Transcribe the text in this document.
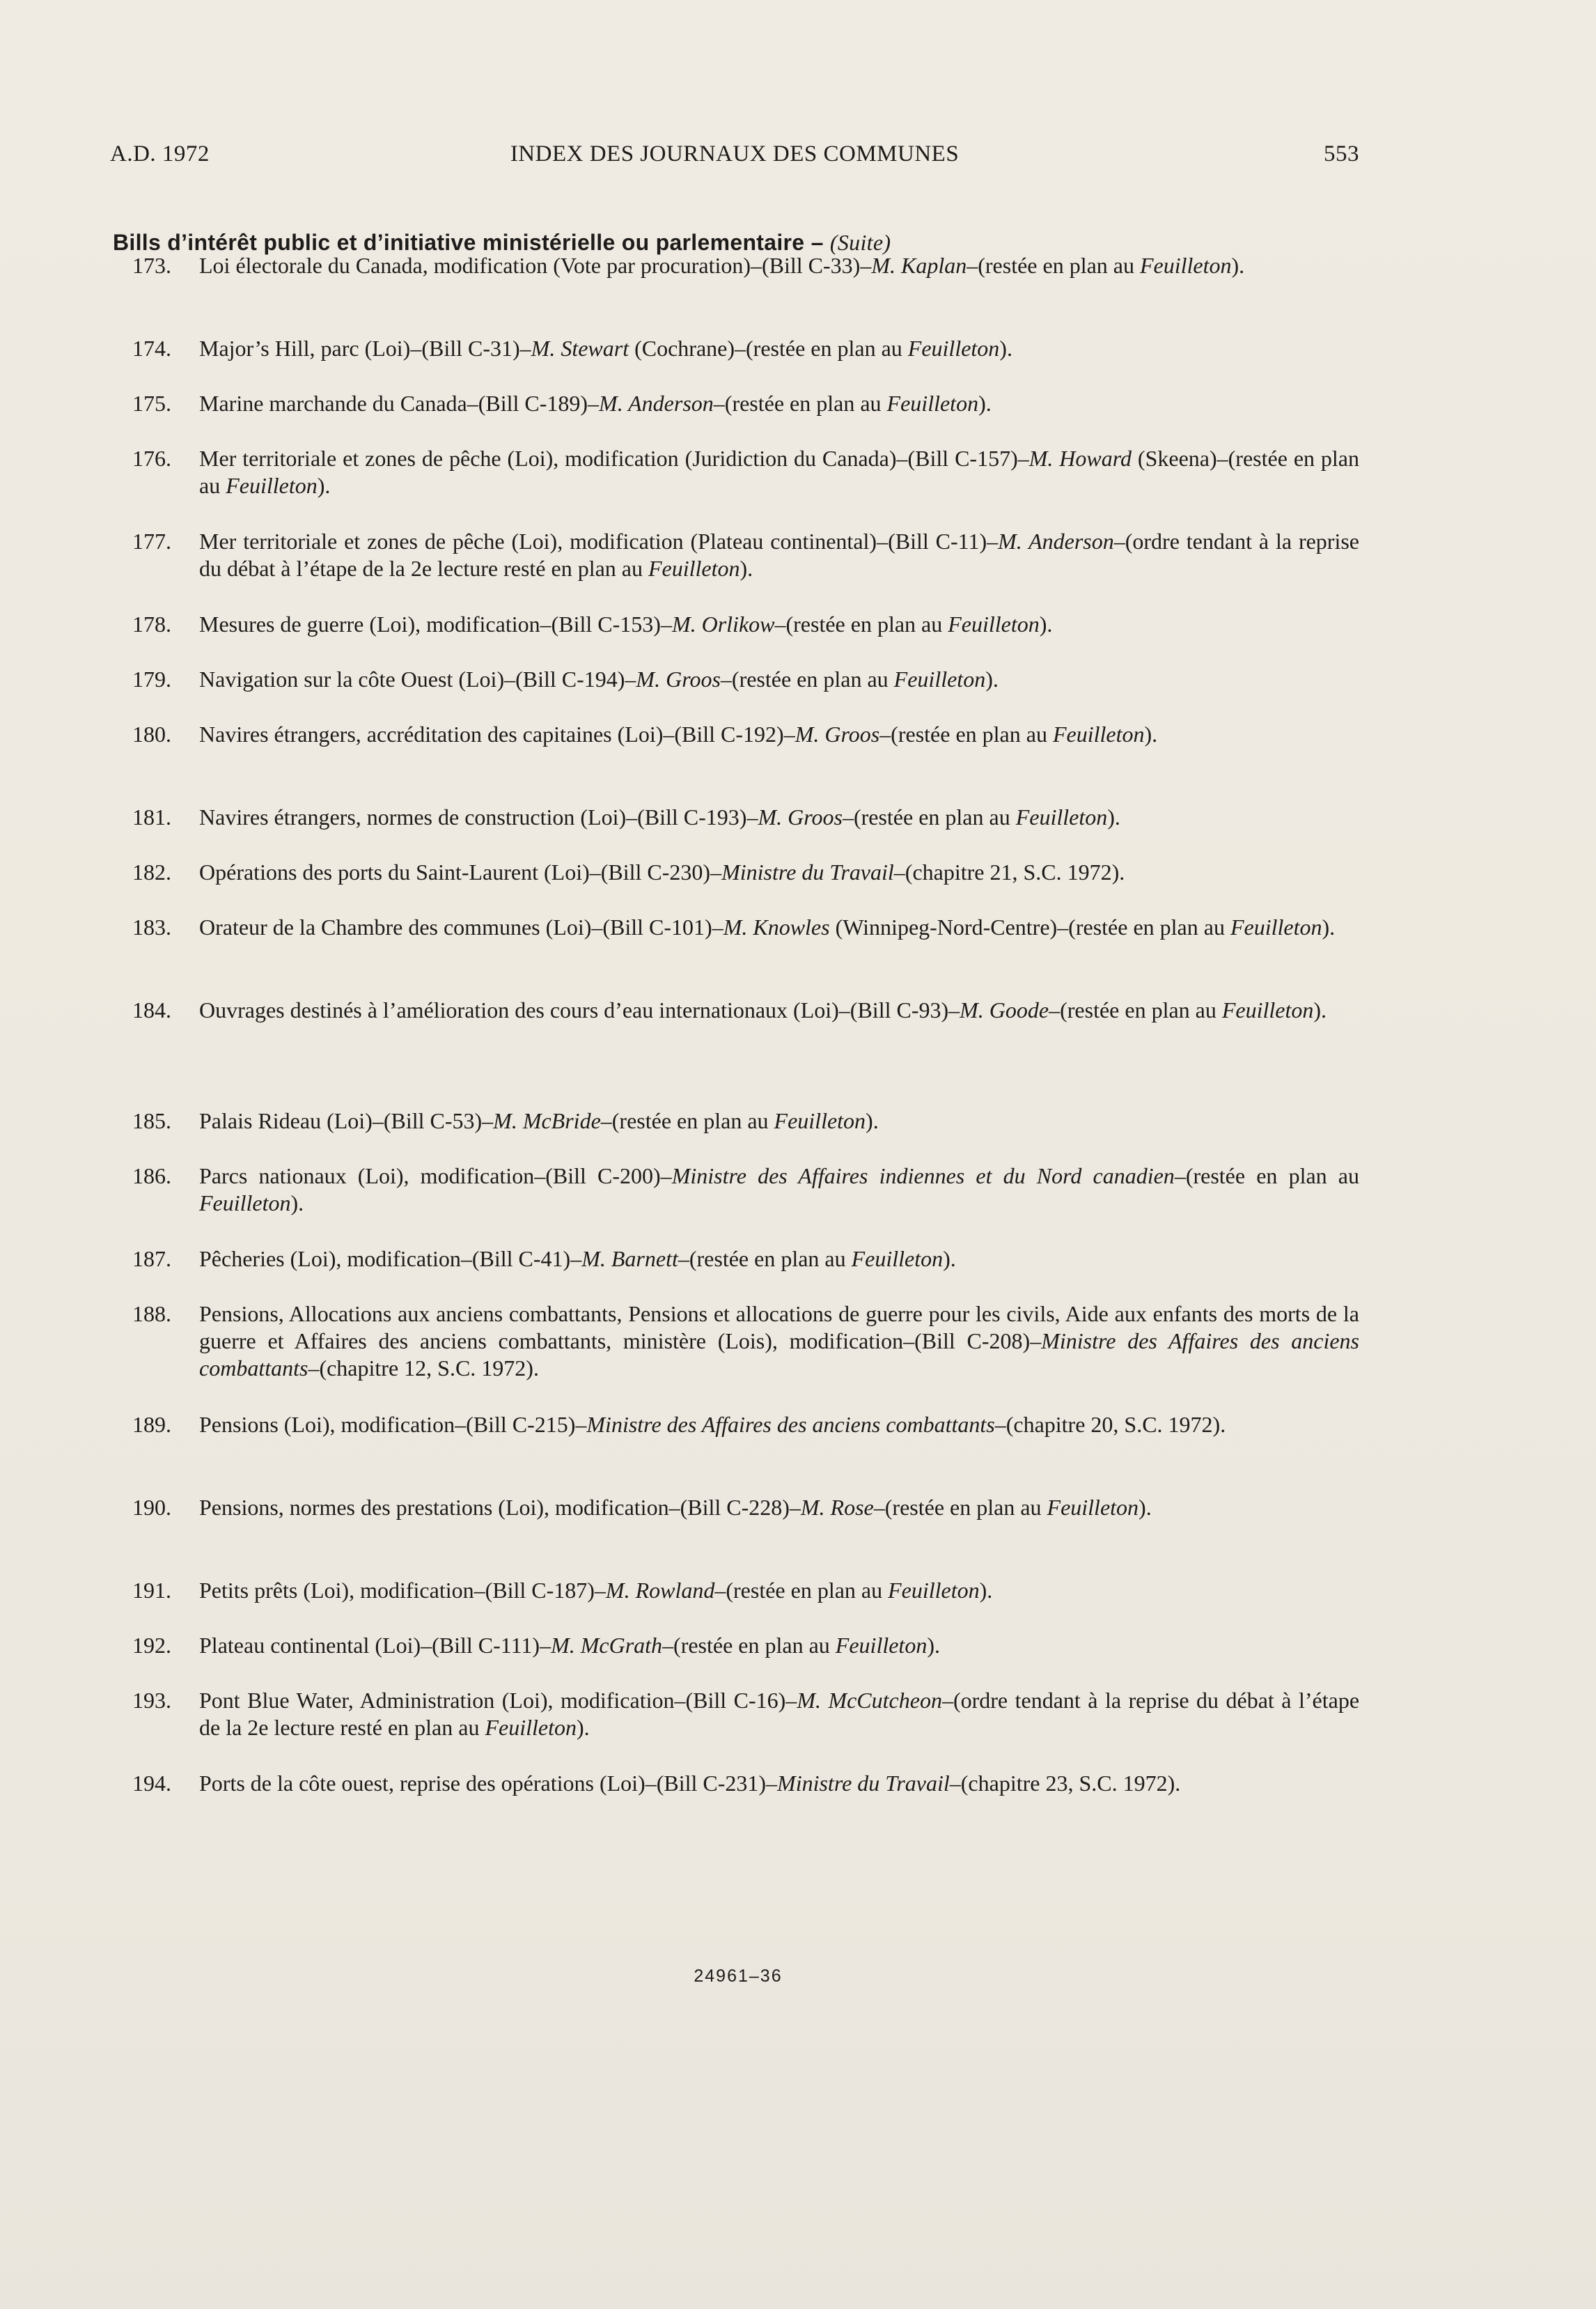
A.D. 1972	INDEX DES JOURNAUX DES COMMUNES	553
Bills d’intérêt public et d’initiative ministérielle ou parlementaire – (Suite)
173.	Loi électorale du Canada, modification (Vote par procuration)–(Bill C-33)–M. Kaplan–(restée en plan au Feuilleton).
174.	Major’s Hill, parc (Loi)–(Bill C-31)–M. Stewart (Cochrane)–(restée en plan au Feuilleton).
175.	Marine marchande du Canada–(Bill C-189)–M. Anderson–(restée en plan au Feuilleton).
176.	Mer territoriale et zones de pêche (Loi), modification (Juridiction du Canada)–(Bill C-157)–M. Howard (Skeena)–(restée en plan au Feuilleton).
177.	Mer territoriale et zones de pêche (Loi), modification (Plateau continental)–(Bill C-11)–M. Anderson–(ordre tendant à la reprise du débat à l’étape de la 2e lecture resté en plan au Feuilleton).
178.	Mesures de guerre (Loi), modification–(Bill C-153)–M. Orlikow–(restée en plan au Feuilleton).
179.	Navigation sur la côte Ouest (Loi)–(Bill C-194)–M. Groos–(restée en plan au Feuilleton).
180.	Navires étrangers, accréditation des capitaines (Loi)–(Bill C-192)–M. Groos–(restée en plan au Feuilleton).
181.	Navires étrangers, normes de construction (Loi)–(Bill C-193)–M. Groos–(restée en plan au Feuilleton).
182.	Opérations des ports du Saint-Laurent (Loi)–(Bill C-230)–Ministre du Travail–(chapitre 21, S.C. 1972).
183.	Orateur de la Chambre des communes (Loi)–(Bill C-101)–M. Knowles (Winnipeg-Nord-Centre)–(restée en plan au Feuilleton).
184.	Ouvrages destinés à l’amélioration des cours d’eau internationaux (Loi)–(Bill C-93)–M. Goode–(restée en plan au Feuilleton).
185.	Palais Rideau (Loi)–(Bill C-53)–M. McBride–(restée en plan au Feuilleton).
186.	Parcs nationaux (Loi), modification–(Bill C-200)–Ministre des Affaires indiennes et du Nord canadien–(restée en plan au Feuilleton).
187.	Pêcheries (Loi), modification–(Bill C-41)–M. Barnett–(restée en plan au Feuilleton).
188.	Pensions, Allocations aux anciens combattants, Pensions et allocations de guerre pour les civils, Aide aux enfants des morts de la guerre et Affaires des anciens combattants, ministère (Lois), modification–(Bill C-208)–Ministre des Affaires des anciens combattants–(chapitre 12, S.C. 1972).
189.	Pensions (Loi), modification–(Bill C-215)–Ministre des Affaires des anciens combattants–(chapitre 20, S.C. 1972).
190.	Pensions, normes des prestations (Loi), modification–(Bill C-228)–M. Rose–(restée en plan au Feuilleton).
191.	Petits prêts (Loi), modification–(Bill C-187)–M. Rowland–(restée en plan au Feuilleton).
192.	Plateau continental (Loi)–(Bill C-111)–M. McGrath–(restée en plan au Feuilleton).
193.	Pont Blue Water, Administration (Loi), modification–(Bill C-16)–M. McCutcheon–(ordre tendant à la reprise du débat à l’étape de la 2e lecture resté en plan au Feuilleton).
194.	Ports de la côte ouest, reprise des opérations (Loi)–(Bill C-231)–Ministre du Travail–(chapitre 23, S.C. 1972).
24961–36
